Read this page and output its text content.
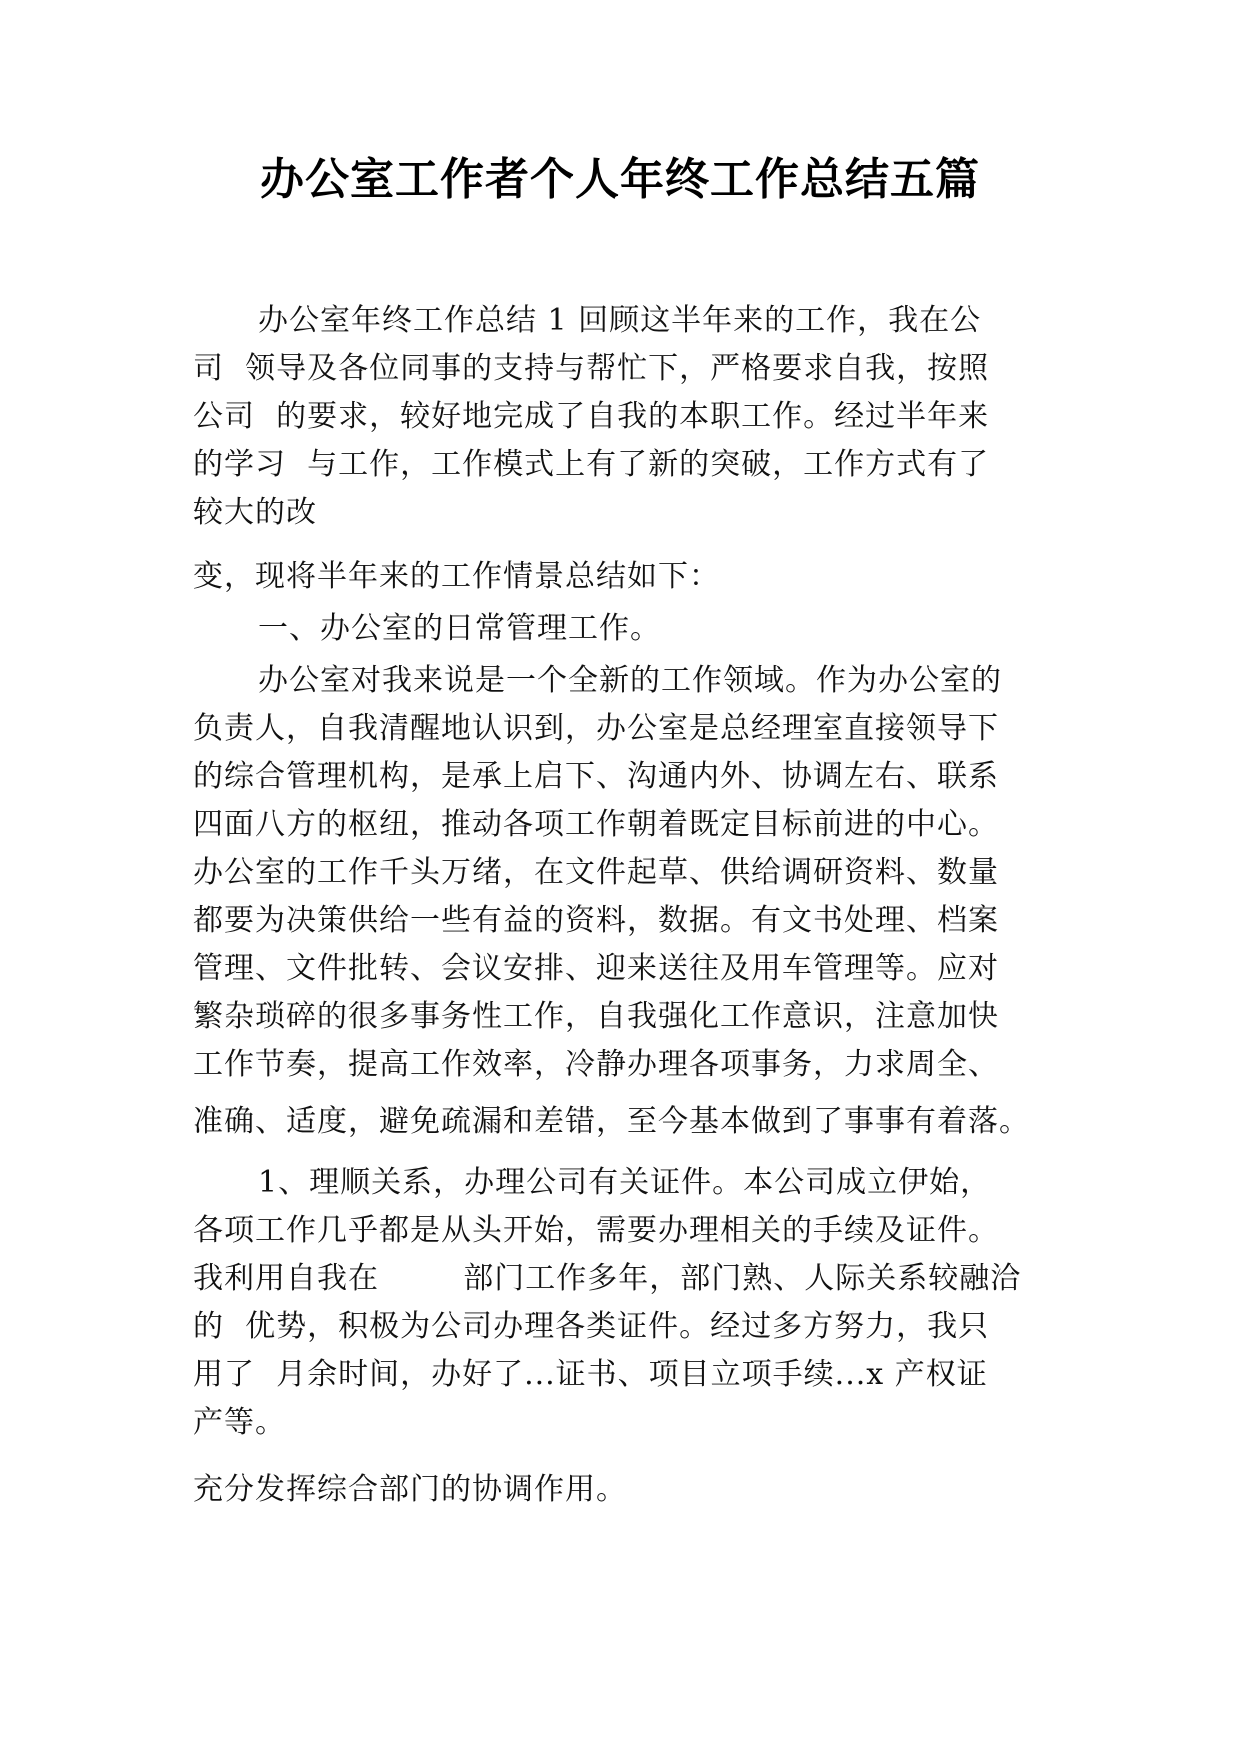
办公室工作者个人年终工作总结五篇
办公室年终工作总结 1 回顾这半年来的工作，我在公
司  领导及各位同事的支持与帮忙下，严格要求自我，按照
公司  的要求，较好地完成了自我的本职工作。经过半年来
的学习  与工作，工作模式上有了新的突破，工作方式有了
较大的改
变，现将半年来的工作情景总结如下：
一、办公室的日常管理工作。
办公室对我来说是一个全新的工作领域。作为办公室的
负责人，自我清醒地认识到，办公室是总经理室直接领导下
的综合管理机构，是承上启下、沟通内外、协调左右、联系
四面八方的枢纽，推动各项工作朝着既定目标前进的中心。
办公室的工作千头万绪，在文件起草、供给调研资料、数量
都要为决策供给一些有益的资料，数据。有文书处理、档案
管理、文件批转、会议安排、迎来送往及用车管理等。应对
繁杂琐碎的很多事务性工作，自我强化工作意识，注意加快
工作节奏，提高工作效率，冷静办理各项事务，力求周全、
准确、适度，避免疏漏和差错，至今基本做到了事事有着落。
1、理顺关系，办理公司有关证件。本公司成立伊始，
各项工作几乎都是从头开始，需要办理相关的手续及证件。
我利用自我在        部门工作多年，部门熟、人际关系较融洽
的  优势，积极为公司办理各类证件。经过多方努力，我只
用了  月余时间，办好了...证书、项目立项手续...x 产权证
产等。
充分发挥综合部门的协调作用。
